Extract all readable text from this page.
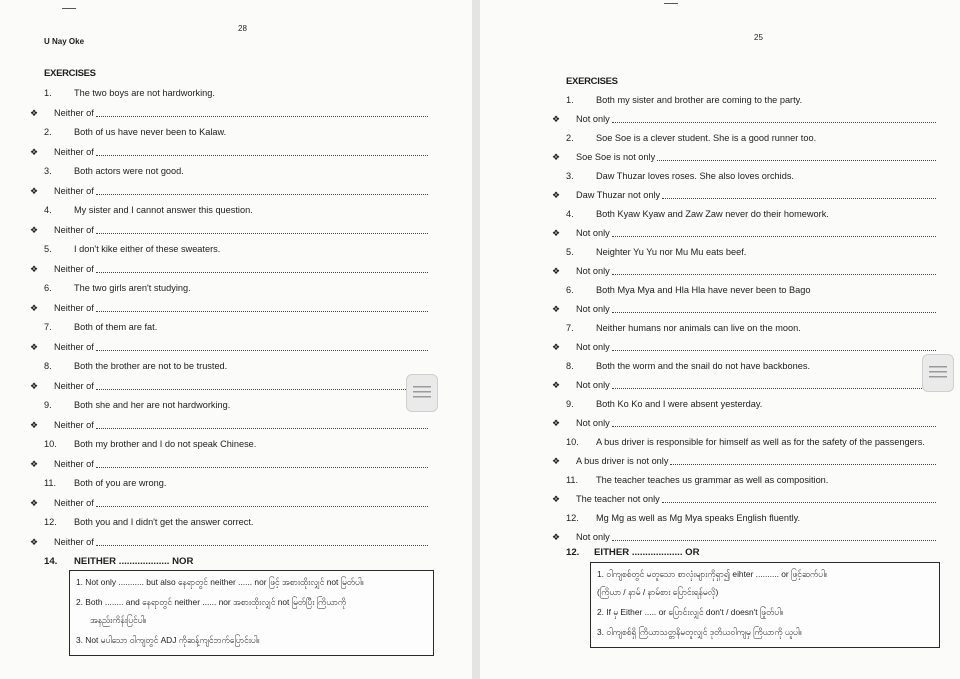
28
U Nay Oke
EXERCISES
1. The two boys are not hardworking.
❖ Neither of
2. Both of us have never been to Kalaw.
❖ Neither of
3. Both actors were not good.
❖ Neither of
4. My sister and I cannot answer this question.
❖ Neither of
5. I don't kike either of these sweaters.
❖ Neither of
6. The two girls aren't studying.
❖ Neither of
7. Both of them are fat.
❖ Neither of
8. Both the brother are not to be trusted.
❖ Neither of
9. Both she and her are not hardworking.
❖ Neither of
10. Both my brother and I do not speak Chinese.
❖ Neither of
11. Both of you are wrong.
❖ Neither of
12. Both you and I didn't get the answer correct.
❖ Neither of
14. NEITHER ................... NOR
1. Not only ........... but also နေရာတွင် neither ...... nor ဖြင့် အစားထိုးလျှင် not မြတ်ပါ။
2. Both ........ and နေရာတွင် neither ...... nor အစားထိုးလျှင် not မြတ်ပြီး ကြိယာကို
အနည်းကိန်းပြင်ပါ။
3. Not မပါသော ဝါကျတွင် ADJ ကိုဆန့်ကျင်ဘက်ပြောင်းပါ။
25
EXERCISES
1. Both my sister and brother are coming to the party.
❖ Not only
2. Soe Soe is a clever student. She is a good runner too.
❖ Soe Soe is not only
3. Daw Thuzar loves roses. She also loves orchids.
❖ Daw Thuzar not only
4. Both Kyaw Kyaw and Zaw Zaw never do their homework.
❖ Not only
5. Neighter Yu Yu nor Mu Mu eats beef.
❖ Not only
6. Both Mya Mya and Hla Hla have never been to Bago
❖ Not only
7. Neither humans nor animals can live on the moon.
❖ Not only
8. Both the worm and the snail do not have backbones.
❖ Not only
9. Both Ko Ko and I were absent yesterday.
❖ Not only
10. A bus driver is responsible for himself as well as for the safety of the passengers.
❖ A bus driver is not only
11. The teacher teaches us grammar as well as composition.
❖ The teacher not only
12. Mg Mg as well as Mg Mya speaks English fluently.
❖ Not only
12. EITHER ................... OR
1. ဝါကျစစ်တွင် မတူသော စာလုံးများကိုရှာ၍ eihter .......... or ဖြင့်ဆက်ပါ။
(ကြိယာ / နာမ် / နာမ်စား ပြောင်းရန်မလို)
2. If မှ Either ..... or ပြောင်းလျှင် don't / doesn't ဖြုတ်ပါ။
3. ဝါကျစစ်ရှိ ကြိယာသတ္တနိမတူလျှင် ဒုတိယဝါကျမှ ကြိယာကို ယူပါ။
